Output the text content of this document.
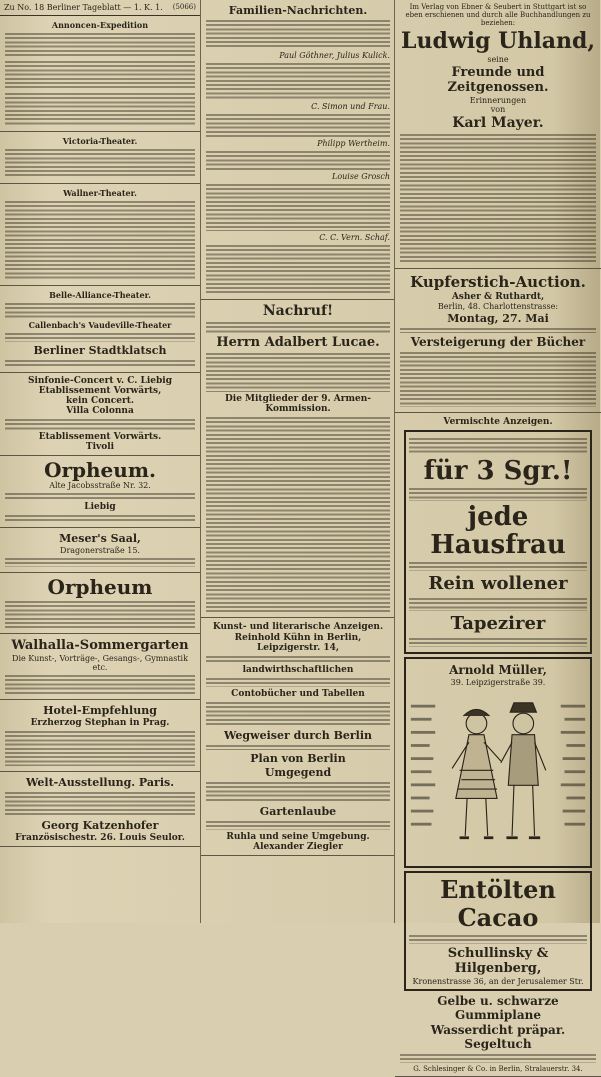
Zu No. 18 Berliner Tageblatt — 1. K. 1. (5066)
Annoncen-Expedition
Victoria-Theater.
Wallner-Theater.
Belle-Alliance-Theater.
Callenbach's Vaudeville-Theater
Berliner Stadtklatsch
Sinfonie-Concert v. C. Liebig
Etablissement Vorwärts,
kein Concert.
Villa Colonna
Etablissement Vorwärts.
Tivoli
Orpheum.
Alte Jacobsstraße Nr. 32.
Liebig
Meser's Saal,
Dragonerstraße 15.
Orpheum
Walhalla-Sommergarten
Die Kunst-, Vorträge-, Gesangs-, Gymnastik etc.
Hotel-Empfehlung
Erzherzog Stephan in Prag.
Welt-Ausstellung. Paris.
Georg Katzenhofer
Französischestr. 26. Louis Seulor.
Familien-Nachrichten.
Paul Göthner, Julius Kulick.
C. Simon und Frau.
Philipp Wertheim.
Louise Grosch
C. C. Vern. Schaf.
Nachruf!
Herrn Adalbert Lucae.
Die Mitglieder der 9. Armen-Kommission.
Kunst- und literarische Anzeigen.
Reinhold Kühn in Berlin, Leipzigerstr. 14,
landwirthschaftlichen
Contobücher und Tabellen
Wegweiser durch Berlin
Plan von Berlin
Umgegend
Gartenlaube
Ruhla und seine Umgebung.
Alexander Ziegler
Im Verlag von Ebner & Seubert in Stuttgart ist so eben erschienen und durch alle Buchhandlungen zu beziehen:
Ludwig Uhland,
seine
Freunde und Zeitgenossen.
Erinnerungen
von
Karl Mayer.
Kupferstich-Auction.
Asher & Ruthardt,
Berlin, 48. Charlottenstrasse:
Montag, 27. Mai
Versteigerung der Bücher
Vermischte Anzeigen.
für 3 Sgr.!
jede Hausfrau
Rein wollener
Tapezirer
Arnold Müller,
39. Leipzigerstraße 39.
Entölten Cacao
Schullinsky & Hilgenberg,
Kronenstrasse 36, an der Jerusalemer Str.
Gelbe u. schwarze Gummiplane
Wasserdicht präpar. Segeltuch
G. Schlesinger & Co. in Berlin, Stralauerstr. 34.
